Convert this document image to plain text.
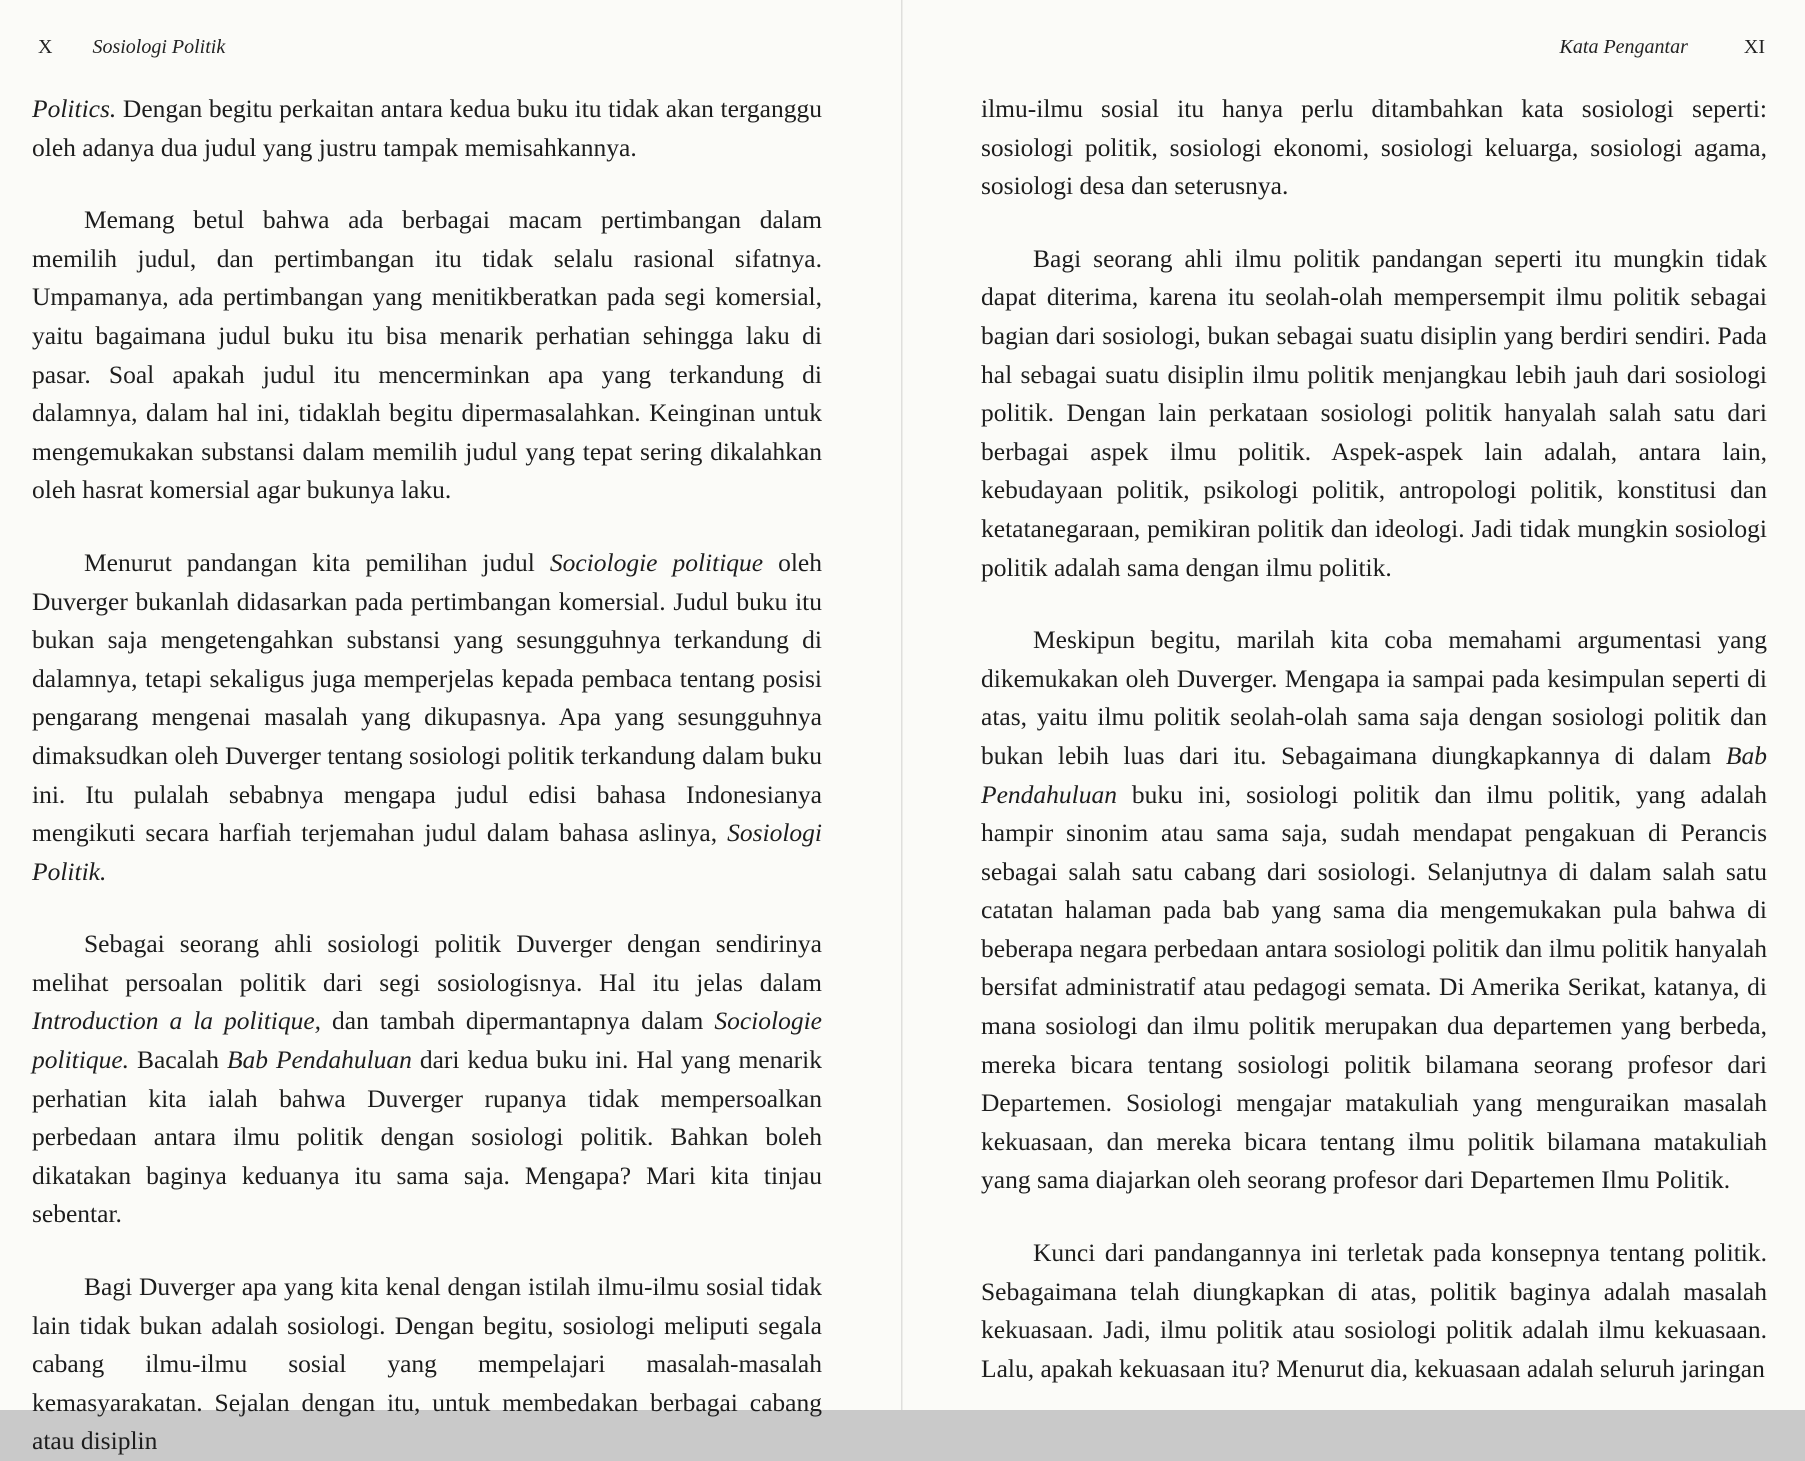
X Sosiologi Politik

Politics. Dengan begitu perkaitan antara kedua buku itu tidak akan terganggu oleh adanya dua judul yang justru tampak memisahkannya.

Memang betul bahwa ada berbagai macam pertimbangan dalam memilih judul, dan pertimbangan itu tidak selalu rasional sifatnya. Umpamanya, ada pertimbangan yang menitikberatkan pada segi komersial, yaitu bagaimana judul buku itu bisa menarik perhatian sehingga laku di pasar. Soal apakah judul itu mencerminkan apa yang terkandung di dalamnya, dalam hal ini, tidaklah begitu dipermasalahkan. Keinginan untuk mengemukakan substansi dalam memilih judul yang tepat sering dikalahkan oleh hasrat komersial agar bukunya laku.

Menurut pandangan kita pemilihan judul Sociologie politique oleh Duverger bukanlah didasarkan pada pertimbangan komersial. Judul buku itu bukan saja mengetengahkan substansi yang sesungguhnya terkandung di dalamnya, tetapi sekaligus juga memperjelas kepada pembaca tentang posisi pengarang mengenai masalah yang dikupasnya. Apa yang sesungguhnya dimaksudkan oleh Duverger tentang sosiologi politik terkandung dalam buku ini. Itu pulalah sebabnya mengapa judul edisi bahasa Indonesianya mengikuti secara harfiah terjemahan judul dalam bahasa aslinya, Sosiologi Politik.

Sebagai seorang ahli sosiologi politik Duverger dengan sendirinya melihat persoalan politik dari segi sosiologisnya. Hal itu jelas dalam Introduction a la politique, dan tambah dipermantapnya dalam Sociologie politique. Bacalah Bab Pendahuluan dari kedua buku ini. Hal yang menarik perhatian kita ialah bahwa Duverger rupanya tidak mempersoalkan perbedaan antara ilmu politik dengan sosiologi politik. Bahkan boleh dikatakan baginya keduanya itu sama saja. Mengapa? Mari kita tinjau sebentar.

Bagi Duverger apa yang kita kenal dengan istilah ilmu-ilmu sosial tidak lain tidak bukan adalah sosiologi. Dengan begitu, sosiologi meliputi segala cabang ilmu-ilmu sosial yang mempelajari masalah-masalah kemasyarakatan. Sejalan dengan itu, untuk membedakan berbagai cabang atau disiplin

Kata Pengantar	XI

ilmu-ilmu sosial itu hanya perlu ditambahkan kata sosiologi seperti: sosiologi politik, sosiologi ekonomi, sosiologi keluarga, sosiologi agama, sosiologi desa dan seterusnya.

Bagi seorang ahli ilmu politik pandangan seperti itu mungkin tidak dapat diterima, karena itu seolah-olah mempersempit ilmu politik sebagai bagian dari sosiologi, bukan sebagai suatu disiplin yang berdiri sendiri. Pada hal sebagai suatu disiplin ilmu politik menjangkau lebih jauh dari sosiologi politik. Dengan lain perkataan sosiologi politik hanyalah salah satu dari berbagai aspek ilmu politik. Aspek-aspek lain adalah, antara lain, kebudayaan politik, psikologi politik, antropologi politik, konstitusi dan ketatanegaraan, pemikiran politik dan ideologi. Jadi tidak mungkin sosiologi politik adalah sama dengan ilmu politik.

Meskipun begitu, marilah kita coba memahami argumentasi yang dikemukakan oleh Duverger. Mengapa ia sampai pada kesimpulan seperti di atas, yaitu ilmu politik seolah-olah sama saja dengan sosiologi politik dan bukan lebih luas dari itu. Sebagaimana diungkapkannya di dalam Bab Pendahuluan buku ini, sosiologi politik dan ilmu politik, yang adalah hampir sinonim atau sama saja, sudah mendapat pengakuan di Perancis sebagai salah satu cabang dari sosiologi. Selanjutnya di dalam salah satu catatan halaman pada bab yang sama dia mengemukakan pula bahwa di beberapa negara perbedaan antara sosiologi politik dan ilmu politik hanyalah bersifat administratif atau pedagogi semata. Di Amerika Serikat, katanya, di mana sosiologi dan ilmu politik merupakan dua departemen yang berbeda, mereka bicara tentang sosiologi politik bilamana seorang profesor dari Departemen. Sosiologi mengajar matakuliah yang menguraikan masalah kekuasaan, dan mereka bicara tentang ilmu politik bilamana matakuliah yang sama diajarkan oleh seorang profesor dari Departemen Ilmu Politik.

Kunci dari pandangannya ini terletak pada konsepnya tentang politik. Sebagaimana telah diungkapkan di atas, politik baginya adalah masalah kekuasaan. Jadi, ilmu politik atau sosiologi politik adalah ilmu kekuasaan. Lalu, apakah kekuasaan itu? Menurut dia, kekuasaan adalah seluruh jaringan
